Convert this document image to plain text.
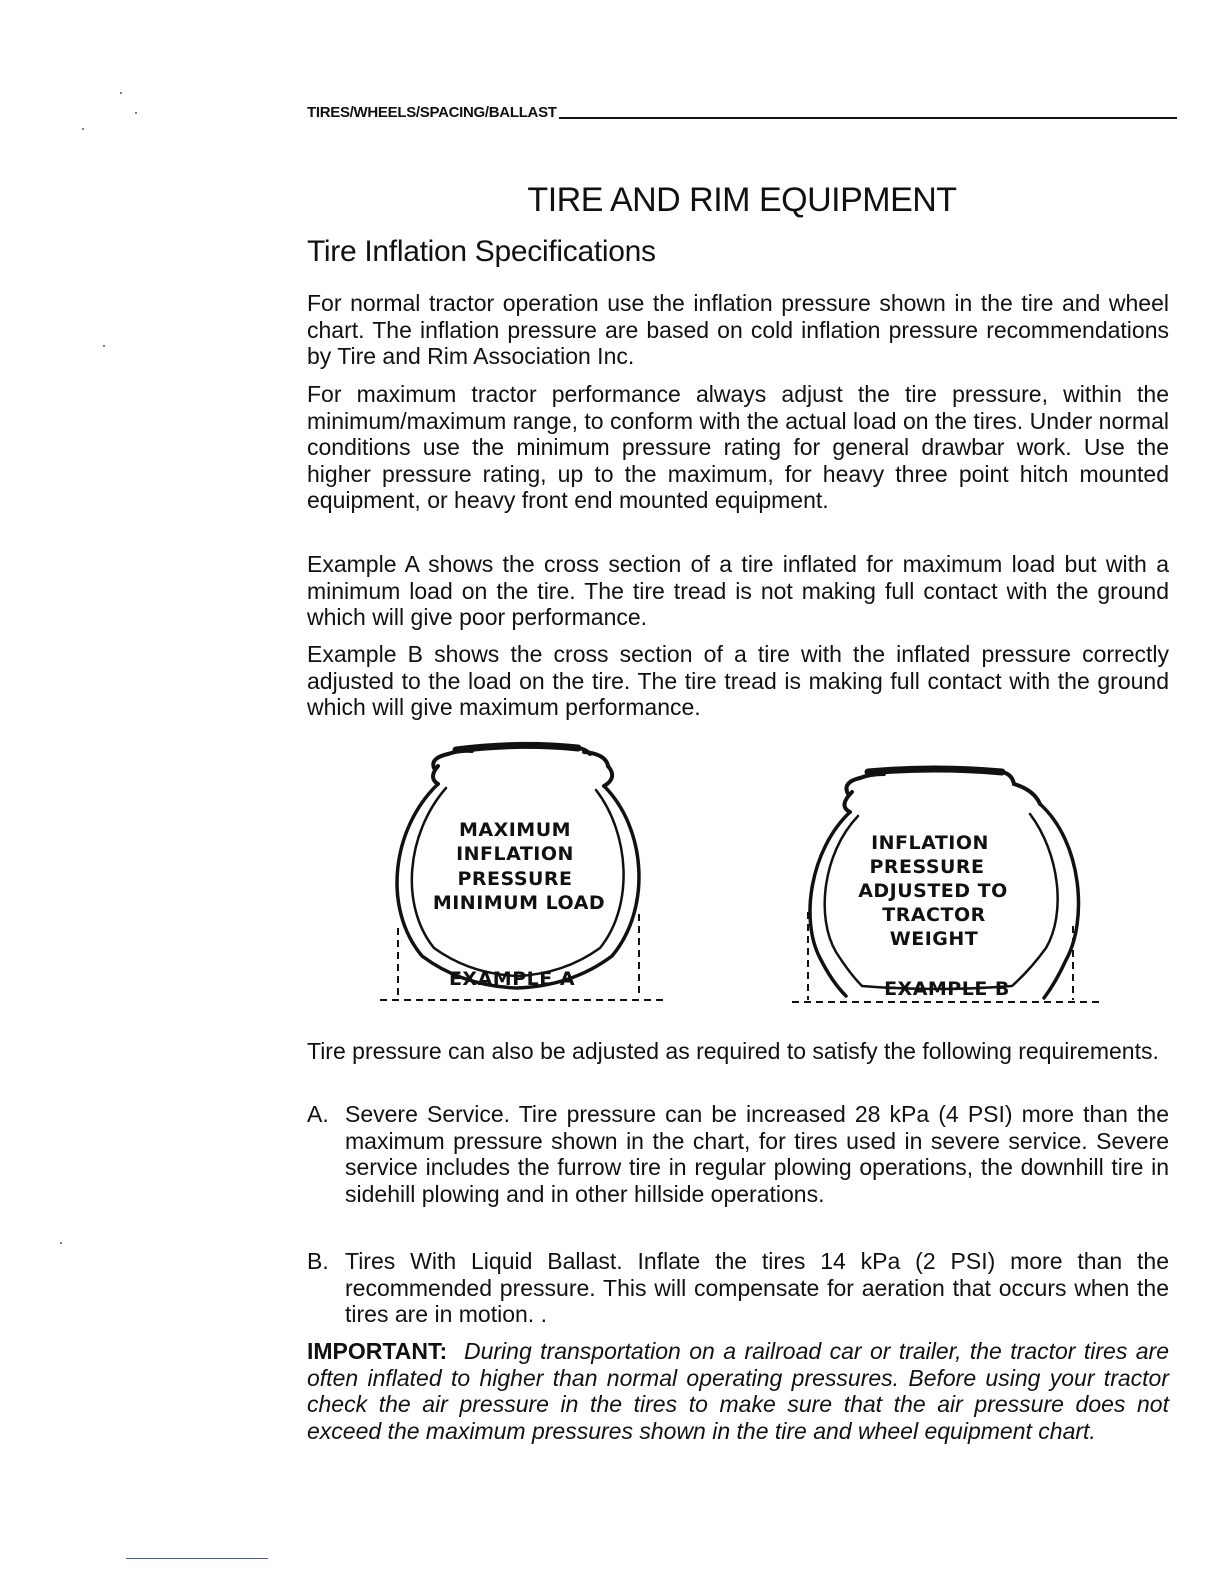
TIRES/WHEELS/SPACING/BALLAST
TIRE AND RIM EQUIPMENT
Tire Inflation Specifications

For normal tractor operation use the inflation pressure shown in the tire and wheel chart. The inflation pressure are based on cold inflation pressure recommendations by Tire and Rim Association Inc.

For maximum tractor performance always adjust the tire pressure, within the minimum/maximum range, to conform with the actual load on the tires. Under normal conditions use the minimum pressure rating for general drawbar work. Use the higher pressure rating, up to the maximum, for heavy three point hitch mounted equipment, or heavy front end mounted equipment.

Example A shows the cross section of a tire inflated for maximum load but with a minimum load on the tire. The tire tread is not making full contact with the ground which will give poor performance.

Example B shows the cross section of a tire with the inflated pressure correctly adjusted to the load on the tire. The tire tread is making full contact with the ground which will give maximum performance.

MAXIMUM
INFLATION
PRESSURE
MINIMUM LOAD
EXAMPLE A
INFLATION
PRESSURE
ADJUSTED TO
TRACTOR
WEIGHT
EXAMPLE B

Tire pressure can also be adjusted as required to satisfy the following requirements.

A. Severe Service. Tire pressure can be increased 28 kPa (4 PSI) more than the maximum pressure shown in the chart, for tires used in severe service. Severe service includes the furrow tire in regular plowing operations, the downhill tire in sidehill plowing and in other hillside operations.

B. Tires With Liquid Ballast. Inflate the tires 14 kPa (2 PSI) more than the recommended pressure. This will compensate for aeration that occurs when the tires are in motion. .

IMPORTANT: During transportation on a railroad car or trailer, the tractor tires are often inflated to higher than normal operating pressures. Before using your tractor check the air pressure in the tires to make sure that the air pressure does not exceed the maximum pressures shown in the tire and wheel equipment chart.
